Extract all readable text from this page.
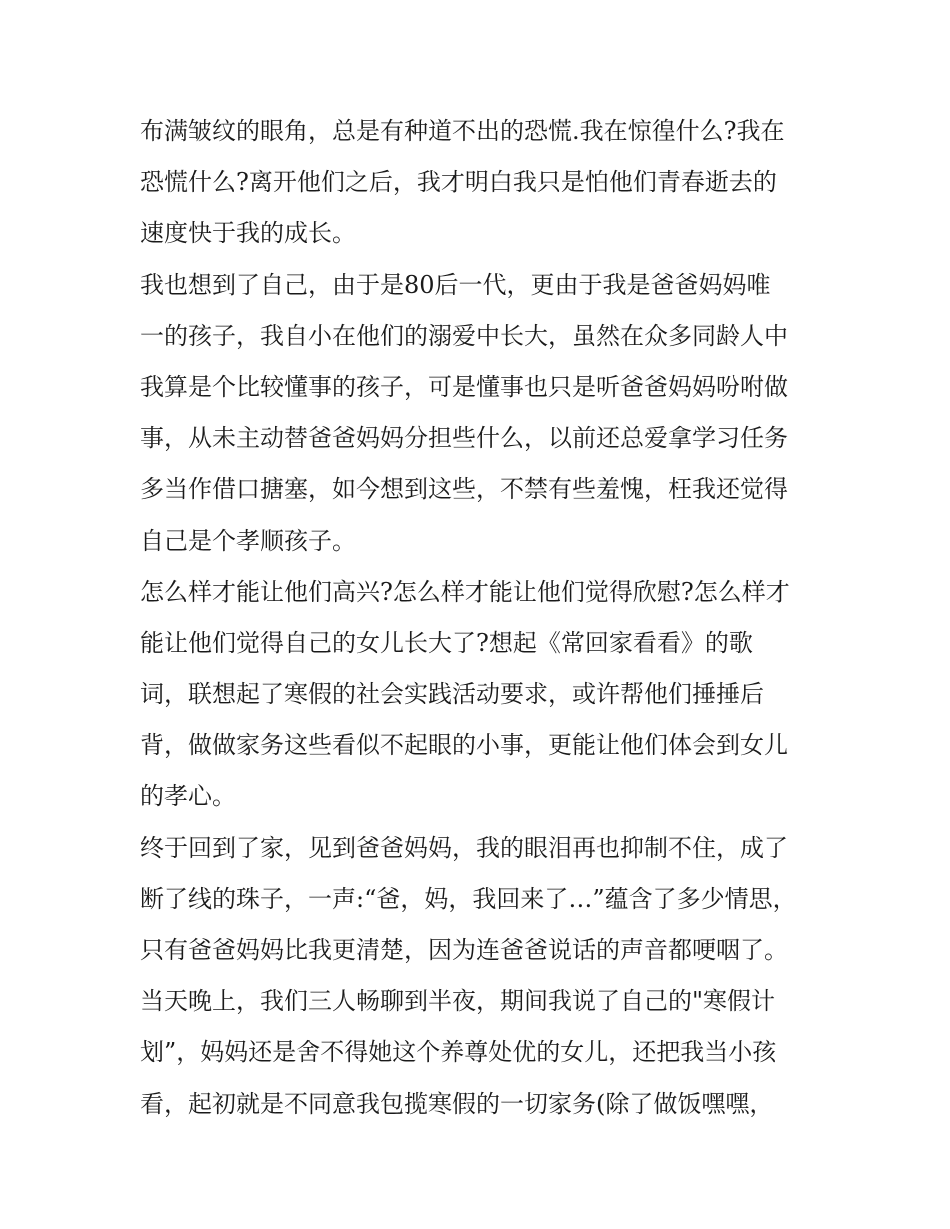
布满皱纹的眼角，总是有种道不出的恐慌.我在惊徨什么?我在
恐慌什么?离开他们之后，我才明白我只是怕他们青春逝去的
速度快于我的成长。
我也想到了自己，由于是80后一代，更由于我是爸爸妈妈唯
一的孩子，我自小在他们的溺爱中长大，虽然在众多同龄人中
我算是个比较懂事的孩子，可是懂事也只是听爸爸妈妈吩咐做
事，从未主动替爸爸妈妈分担些什么，以前还总爱拿学习任务
多当作借口搪塞，如今想到这些，不禁有些羞愧，枉我还觉得
自己是个孝顺孩子。
怎么样才能让他们高兴?怎么样才能让他们觉得欣慰?怎么样才
能让他们觉得自己的女儿长大了?想起《常回家看看》的歌
词，联想起了寒假的社会实践活动要求，或许帮他们捶捶后
背，做做家务这些看似不起眼的小事，更能让他们体会到女儿
的孝心。
终于回到了家，见到爸爸妈妈，我的眼泪再也抑制不住，成了
断了线的珠子，一声:“爸，妈，我回来了…”蕴含了多少情思，
只有爸爸妈妈比我更清楚，因为连爸爸说话的声音都哽咽了。
当天晚上，我们三人畅聊到半夜，期间我说了自己的"寒假计
划”，妈妈还是舍不得她这个养尊处优的女儿，还把我当小孩
看，起初就是不同意我包揽寒假的一切家务(除了做饭嘿嘿，
